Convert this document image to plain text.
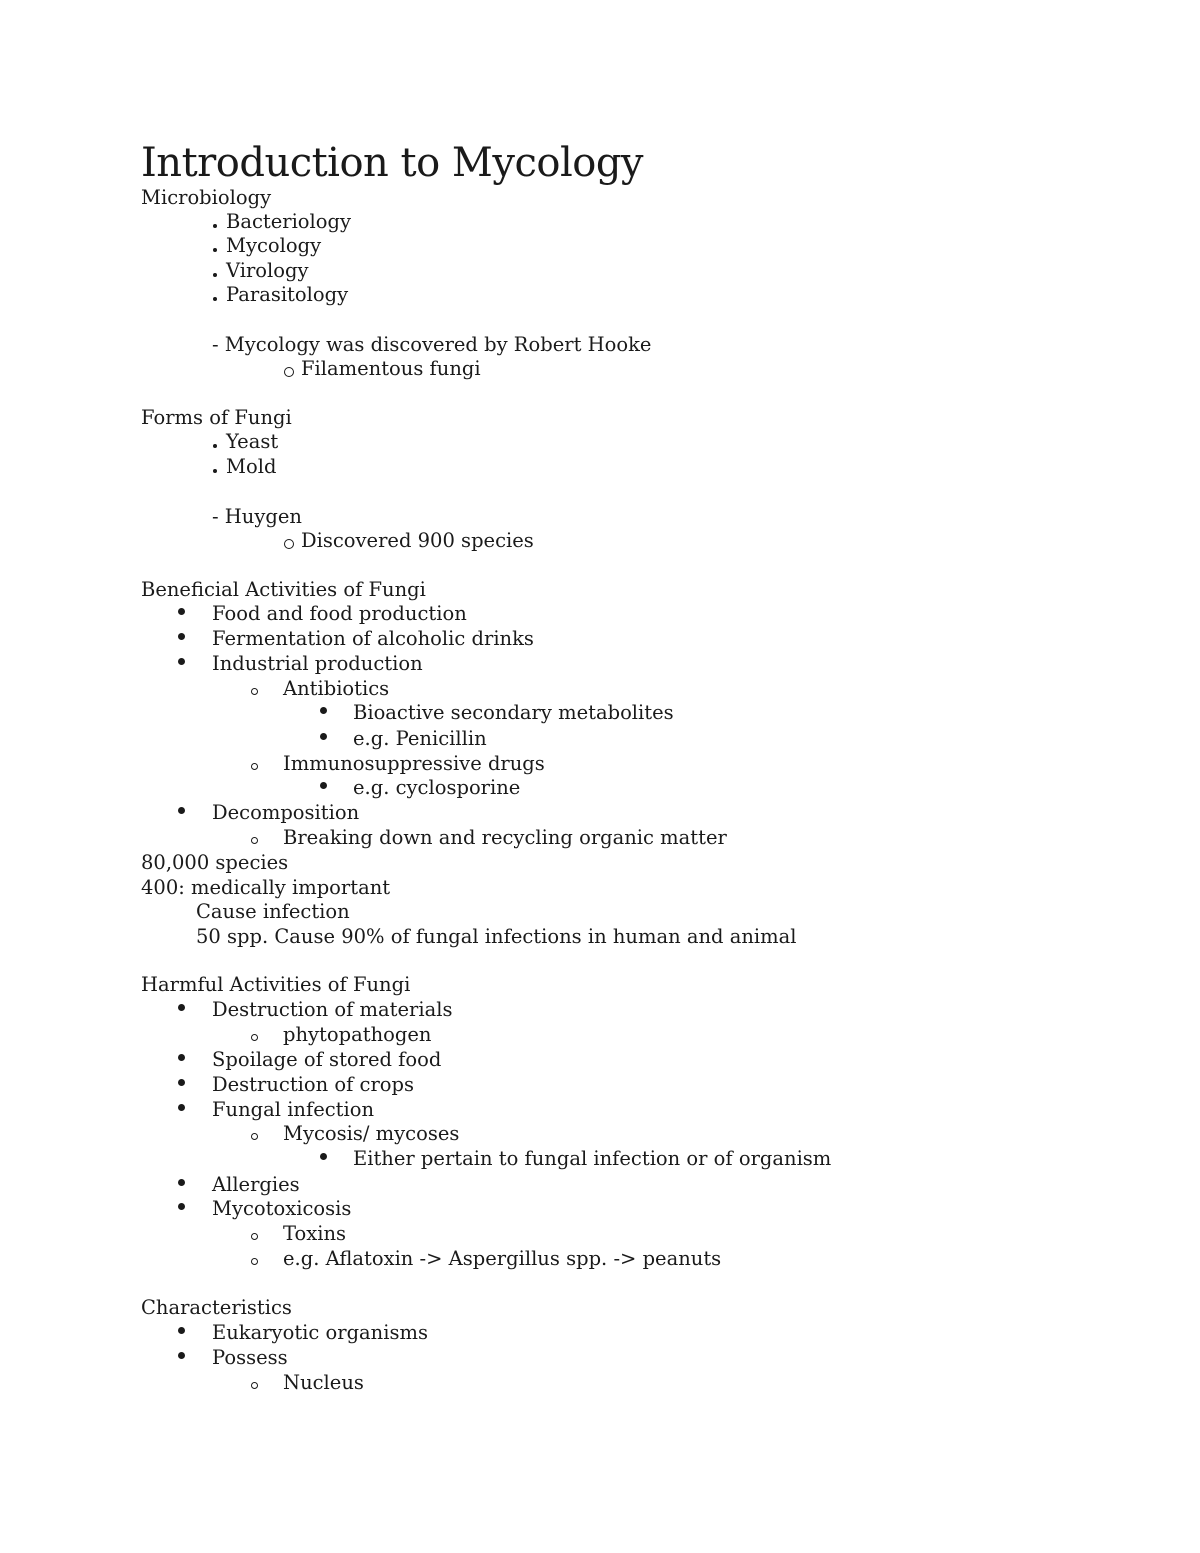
Introduction to Mycology
Microbiology
Bacteriology
Mycology
Virology
Parasitology
- Mycology was discovered by Robert Hooke
Filamentous fungi
Forms of Fungi
Yeast
Mold
- Huygen
Discovered 900 species
Beneficial Activities of Fungi
Food and food production
Fermentation of alcoholic drinks
Industrial production
Antibiotics
Bioactive secondary metabolites
e.g. Penicillin
Immunosuppressive drugs
e.g. cyclosporine
Decomposition
Breaking down and recycling organic matter
80,000 species
400: medically important
Cause infection
50 spp. Cause 90% of fungal infections in human and animal
Harmful Activities of Fungi
Destruction of materials
phytopathogen
Spoilage of stored food
Destruction of crops
Fungal infection
Mycosis/ mycoses
Either pertain to fungal infection or of organism
Allergies
Mycotoxicosis
Toxins
e.g. Aflatoxin -> Aspergillus spp. -> peanuts
Characteristics
Eukaryotic organisms
Possess
Nucleus
